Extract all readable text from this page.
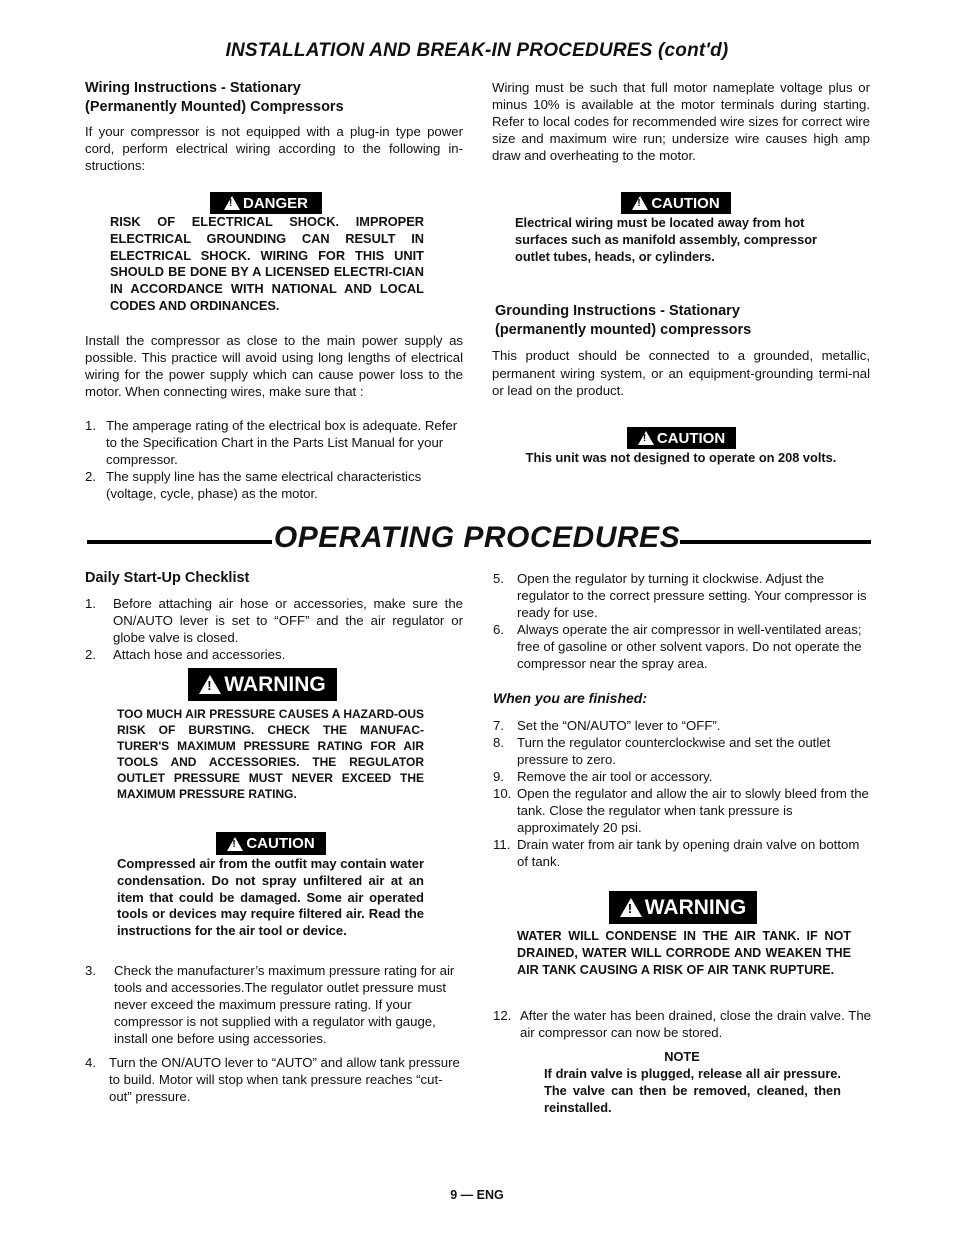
INSTALLATION AND BREAK-IN PROCEDURES (cont'd)
Wiring Instructions - Stationary
(Permanently Mounted) Compressors
If your compressor is not equipped with a plug-in type power cord, perform electrical wiring according to the following in-structions:
!
DANGER
RISK OF ELECTRICAL SHOCK. IMPROPER ELECTRICAL GROUNDING CAN RESULT IN ELECTRICAL SHOCK. WIRING FOR THIS UNIT SHOULD BE DONE BY A LICENSED ELECTRI-CIAN IN ACCORDANCE WITH NATIONAL AND LOCAL CODES AND ORDINANCES.
Install the compressor as close to the main power supply as possible. This practice will avoid using long lengths of electrical wiring for the power supply which can cause power loss to the motor. When connecting wires, make sure that :
1. The amperage rating of the electrical box is adequate. Refer to the Specification Chart in the Parts List Manual for your compressor.
2. The supply line has the same electrical characteristics (voltage, cycle, phase) as the motor.
Wiring must be such that full motor nameplate voltage plus or minus 10% is available at the motor terminals during starting. Refer to local codes for recommended wire sizes for correct wire size and maximum wire run; undersize wire causes high amp draw and overheating to the motor.
!
CAUTION
Electrical wiring must be located away from hot surfaces such as manifold assembly, compressor outlet tubes, heads, or cylinders.
Grounding Instructions - Stationary
(permanently mounted) compressors
This product should be connected to a grounded, metallic, permanent wiring system, or an equipment-grounding termi-nal or lead on the product.
!
CAUTION
This unit was not designed to operate on 208 volts.
OPERATING PROCEDURES
Daily Start-Up Checklist
1. Before attaching air hose or accessories, make sure the ON/AUTO lever is set to “OFF” and the air regulator or globe valve is closed.
2. Attach hose and accessories.
!
WARNING
TOO MUCH AIR PRESSURE CAUSES A HAZARD-OUS RISK OF BURSTING. CHECK THE MANUFAC-TURER'S MAXIMUM PRESSURE RATING FOR AIR TOOLS AND ACCESSORIES. THE REGULATOR OUTLET PRESSURE MUST NEVER EXCEED THE MAXIMUM PRESSURE RATING.
!
CAUTION
Compressed air from the outfit may contain water condensation. Do not spray unfiltered air at an item that could be damaged. Some air operated tools or devices may require filtered air. Read the instructions for the air tool or device.
3. Check the manufacturer’s maximum pressure rating for air tools and accessories.The regulator outlet pressure must never exceed the maximum pressure rating. If your compressor is not supplied with a regulator with gauge, install one before using accessories.
4. Turn the ON/AUTO lever to “AUTO” and allow tank pressure to build. Motor will stop when tank pressure reaches “cut-out” pressure.
5. Open the regulator by turning it clockwise. Adjust the regulator to the correct pressure setting. Your compressor is ready for use.
6. Always operate the air compressor in well-ventilated areas; free of gasoline or other solvent vapors. Do not operate the compressor near the spray area.
When you are finished:
7. Set the “ON/AUTO” lever to “OFF”.
8. Turn the regulator counterclockwise and set the outlet pressure to zero.
9. Remove the air tool or accessory.
10. Open the regulator and allow the air to slowly bleed from the tank. Close the regulator when tank pressure is approximately 20 psi.
11. Drain water from air tank by opening drain valve on bottom of tank.
!
WARNING
WATER WILL CONDENSE IN THE AIR TANK. IF NOT DRAINED, WATER WILL CORRODE AND WEAKEN THE AIR TANK CAUSING A RISK OF AIR TANK RUPTURE.
12. After the water has been drained, close the drain valve. The air compressor can now be stored.
NOTE
If drain valve is plugged, release all air pressure. The valve can then be removed, cleaned, then reinstalled.
9 — ENG
